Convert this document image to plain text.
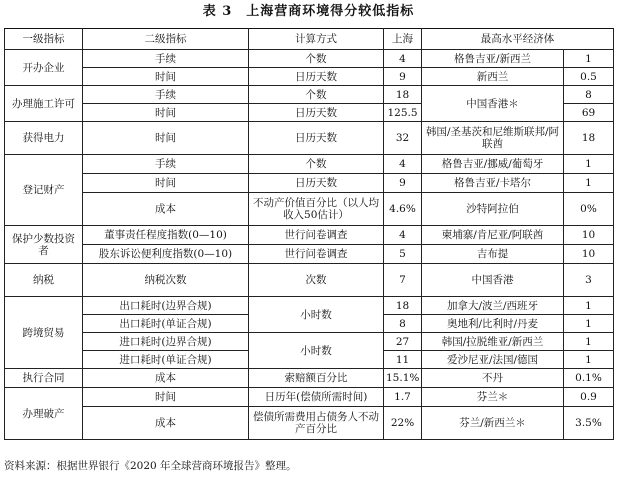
表 3　上海营商环境得分较低指标
一级指标	二级指标	计算方式	上海	最高水平经济体	
开办企业	手续	个数	4	格鲁吉亚/新西兰	1
	时间	日历天数	9	新西兰	0.5
办理施工许可	手续	个数	18	中国香港＊	8
	时间	日历天数	125.5		69
获得电力	时间	日历天数	32	韩国/圣基茨和尼维斯联邦/阿联酋	18
登记财产	手续	个数	4	格鲁吉亚/挪威/葡萄牙	1
	时间	日历天数	9	格鲁吉亚/卡塔尔	1
	成本	不动产价值百分比（以人均收入50估计）	4.6%	沙特阿拉伯	0%
保护少数投资者	董事责任程度指数(0—10)	世行问卷调查	4	柬埔寨/肯尼亚/阿联酋	10
	股东诉讼便利度指数(0—10)	世行问卷调查	5	吉布提	10
纳税	纳税次数	次数	7	中国香港	3
跨境贸易	出口耗时(边界合规)	小时数	18	加拿大/波兰/西班牙	1
	出口耗时(单证合规)		8	奥地利/比利时/丹麦	1
	进口耗时(边界合规)	小时数	27	韩国/拉脱维亚/新西兰	1
	进口耗时(单证合规)		11	爱沙尼亚/法国/德国	1
执行合同	成本	索赔额百分比	15.1%	不丹	0.1%
办理破产	时间	日历年(偿债所需时间)	1.7	芬兰＊	0.9
	成本	偿债所需费用占债务人不动产百分比	22%	芬兰/新西兰＊	3.5%
资料来源：根据世界银行《2020 年全球营商环境报告》整理。
